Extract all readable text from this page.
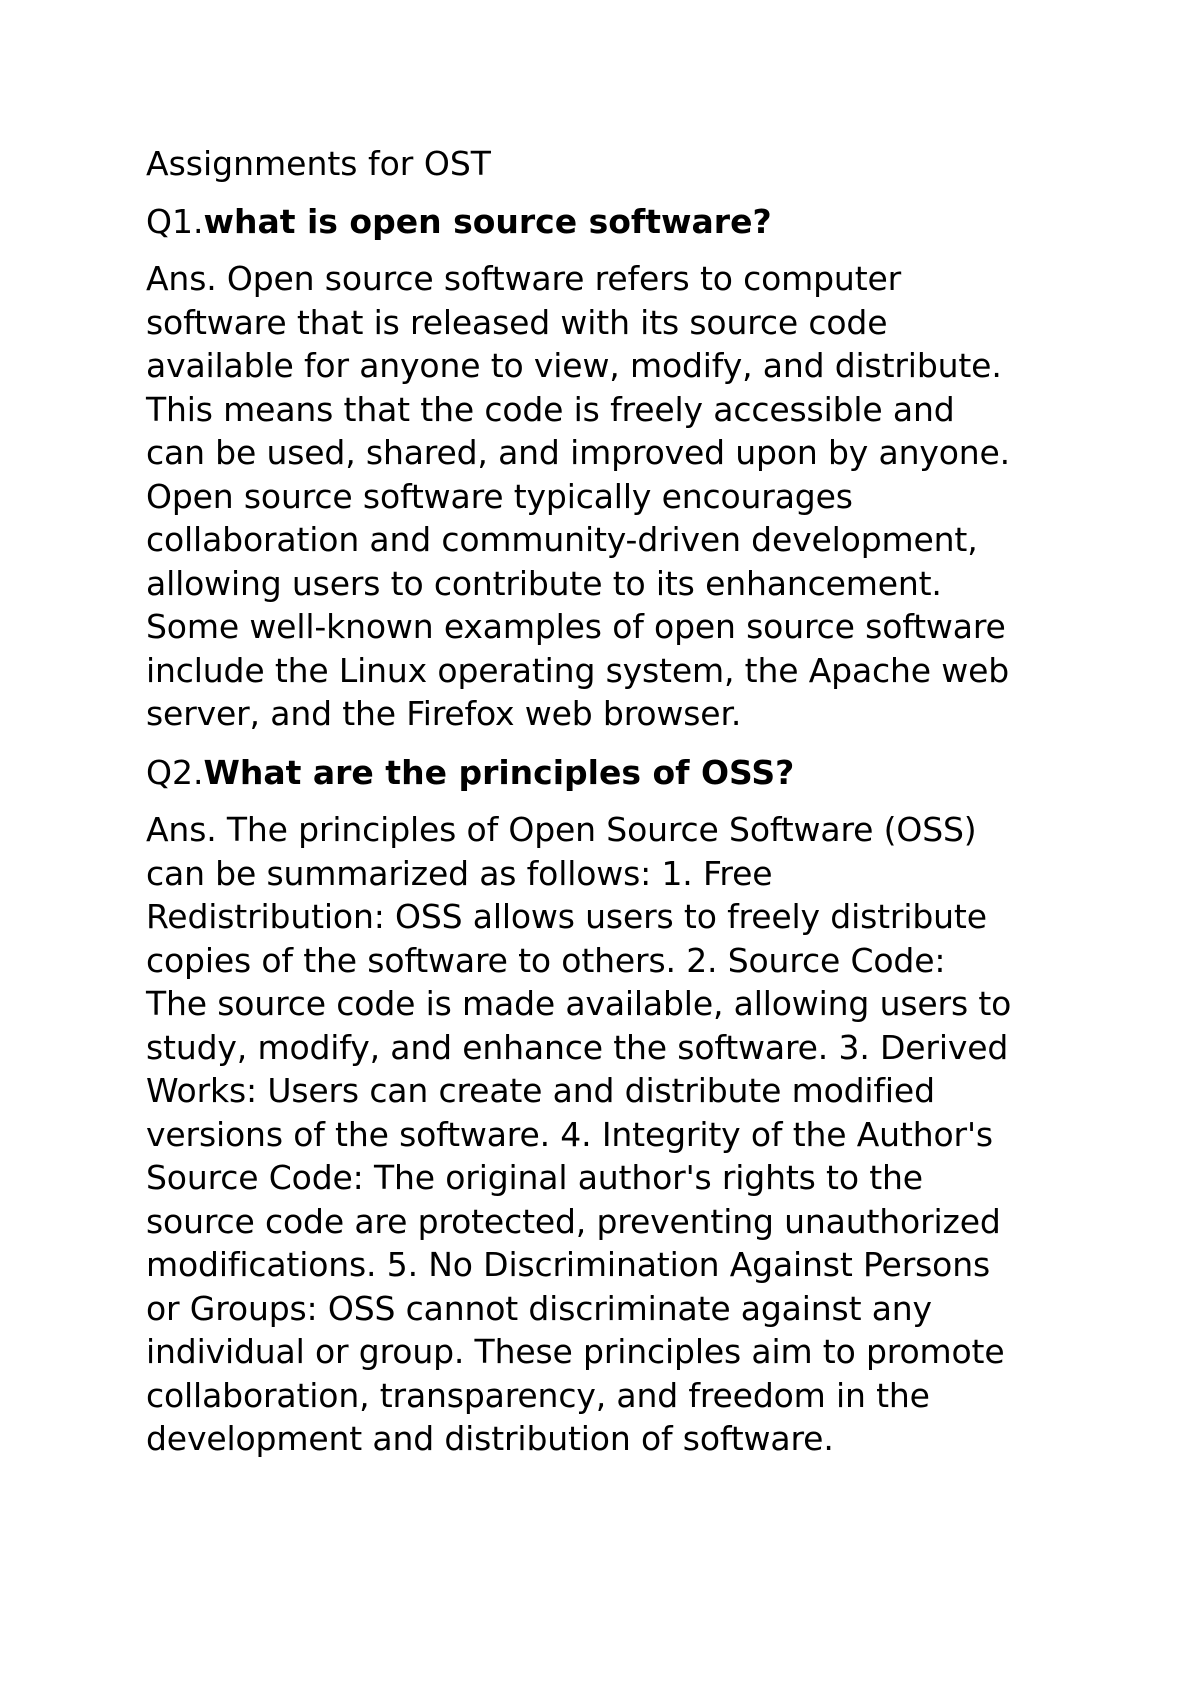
Assignments for OST

Q1.what is open source software?

Ans. Open source software refers to computer
software that is released with its source code
available for anyone to view, modify, and distribute.
This means that the code is freely accessible and
can be used, shared, and improved upon by anyone.
Open source software typically encourages
collaboration and community-driven development,
allowing users to contribute to its enhancement.
Some well-known examples of open source software
include the Linux operating system, the Apache web
server, and the Firefox web browser.

Q2.What are the principles of OSS?

Ans. The principles of Open Source Software (OSS)
can be summarized as follows: 1. Free
Redistribution: OSS allows users to freely distribute
copies of the software to others. 2. Source Code:
The source code is made available, allowing users to
study, modify, and enhance the software. 3. Derived
Works: Users can create and distribute modified
versions of the software. 4. Integrity of the Author's
Source Code: The original author's rights to the
source code are protected, preventing unauthorized
modifications. 5. No Discrimination Against Persons
or Groups: OSS cannot discriminate against any
individual or group. These principles aim to promote
collaboration, transparency, and freedom in the
development and distribution of software.
